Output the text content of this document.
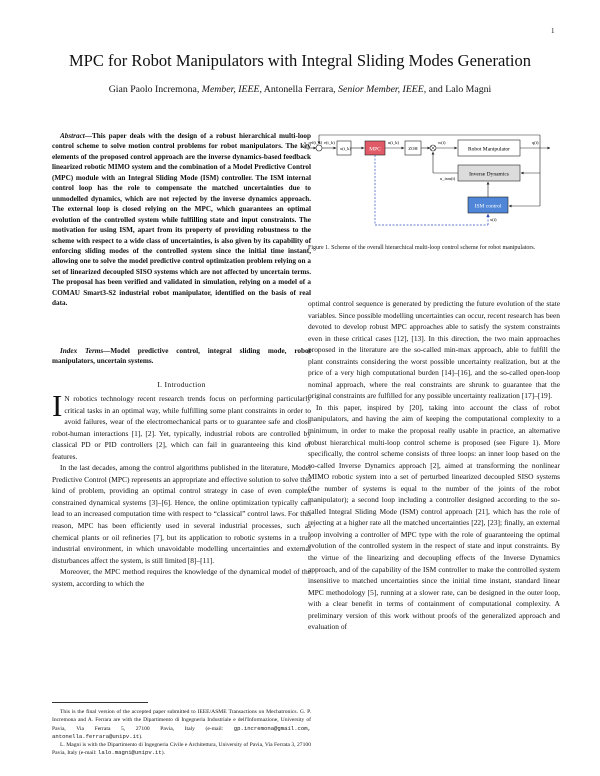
1
MPC for Robot Manipulators with Integral Sliding Modes Generation
Gian Paolo Incremona, Member, IEEE, Antonella Ferrara, Senior Member, IEEE, and Lalo Magni
Abstract—This paper deals with the design of a robust hierarchical multi-loop control scheme to solve motion control problems for robot manipulators. The key elements of the proposed control approach are the inverse dynamics-based feedback linearized robotic MIMO system and the combination of a Model Predictive Control (MPC) module with an Integral Sliding Mode (ISM) controller. The ISM internal control loop has the role to compensate the matched uncertainties due to unmodelled dynamics, which are not rejected by the inverse dynamics approach. The external loop is closed relying on the MPC, which guarantees an optimal evolution of the controlled system while fulfilling state and input constraints. The motivation for using ISM, apart from its property of providing robustness to the scheme with respect to a wide class of uncertainties, is also given by its capability of enforcing sliding modes of the controlled system since the initial time instant, allowing one to solve the model predictive control optimization problem relying on a set of linearized decoupled SISO systems which are not affected by uncertain terms. The proposal has been verified and validated in simulation, relying on a model of a COMAU Smart3-S2 industrial robot manipulator, identified on the basis of real data.
Index Terms—Model predictive control, integral sliding mode, robot manipulators, uncertain systems.
I. Introduction

I N robotics technology recent research trends focus on performing particularly critical tasks in an optimal way, while fulfilling some plant constraints in order to avoid failures, wear of the electromechanical parts or to guarantee safe and close robot-human interactions [1], [2]. Yet, typically, industrial robots are controlled by classical PD or PID controllers [2], which can fail in guaranteeing this kind of features.

In the last decades, among the control algorithms published in the literature, Model Predictive Control (MPC) represents an appropriate and effective solution to solve this kind of problem, providing an optimal control strategy in case of even complex constrained dynamical systems [3]–[6]. Hence, the online optimization typically can lead to an increased computation time with respect to “classical” control laws. For this reason, MPC has been efficiently used in several industrial processes, such as chemical plants or oil refineries [7], but its application to robotic systems in a true industrial environment, in which unavoidable modelling uncertainties and external disturbances affect the system, is still limited [8]–[11].

Moreover, the MPC method requires the knowledge of the dynamical model of the system, according to which the

This is the final version of the accepted paper submitted to IEEE/ASME Transactions on Mechatronics. G. P. Incremona and A. Ferrara are with the Dipartimento di Ingegneria Industriale e dell'Informazione, University of Pavia, Via Ferrata 5, 27100 Pavia, Italy (e-mail: gp.incremona@gmail.com, antonella.ferrara@unipv.it).

L. Magni is with the Dipartimento di Ingegneria Civile e Architettura, University of Pavia, Via Ferrata 3, 27100 Pavia, Italy (e-mail: lalo.magni@unipv.it).

x_ref(t_k) e(t_k)
x(t_k)	MPC
u(t_k)
ZOH
w(t)
Robot Manipulator
q(t)
Inverse Dynamics
u_ism(t)
ISM control
x(t)
Figure 1. Scheme of the overall hierarchical multi-loop control scheme for robot manipulators.

optimal control sequence is generated by predicting the future evolution of the state variables. Since possible modelling uncertainties can occur, recent research has been devoted to develop robust MPC approaches able to satisfy the system constraints even in these critical cases [12], [13]. In this direction, the two main approaches proposed in the literature are the so-called min-max approach, able to fulfill the plant constraints considering the worst possible uncertainty realization, but at the price of a very high computational burden [14]–[16], and the so-called open-loop nominal approach, where the real constraints are shrunk to guarantee that the original constraints are fulfilled for any possible uncertainty realization [17]–[19].

In this paper, inspired by [20], taking into account the class of robot manipulators, and having the aim of keeping the computational complexity to a minimum, in order to make the proposal really usable in practice, an alternative robust hierarchical multi-loop control scheme is proposed (see Figure 1). More specifically, the control scheme consists of three loops: an inner loop based on the so-called Inverse Dynamics approach [2], aimed at transforming the nonlinear MIMO robotic system into a set of perturbed linearized decoupled SISO systems (the number of systems is equal to the number of the joints of the robot manipulator); a second loop including a controller designed according to the so-called Integral Sliding Mode (ISM) control approach [21], which has the role of rejecting at a higher rate all the matched uncertainties [22], [23]; finally, an external loop involving a controller of MPC type with the role of guaranteeing the optimal evolution of the controlled system in the respect of state and input constraints. By the virtue of the linearizing and decoupling effects of the Inverse Dynamics approach, and of the capability of the ISM controller to make the controlled system insensitive to matched uncertainties since the initial time instant, standard linear MPC methodology [5], running at a slower rate, can be designed in the outer loop, with a clear benefit in terms of containment of computational complexity. A preliminary version of this work without proofs of the generalized approach and evaluation of
